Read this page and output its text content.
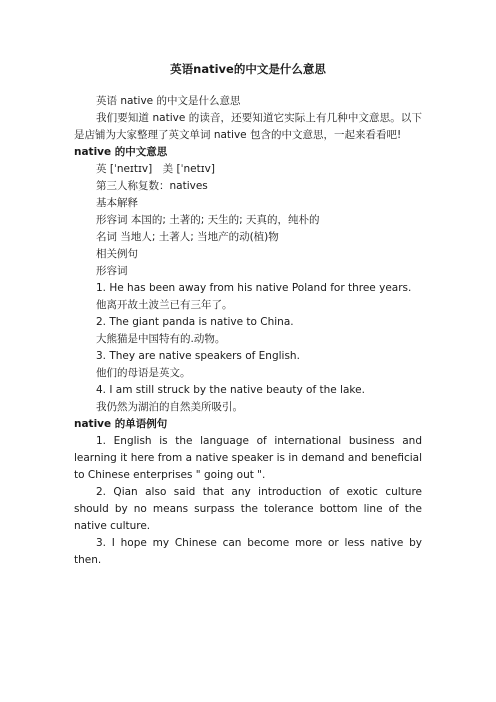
英语native的中文是什么意思

英语 native 的中文是什么意思

我们要知道 native 的读音，还要知道它实际上有几种中文意思。以下是店铺为大家整理了英文单词 native 包含的中文意思，一起来看看吧!

native 的中文意思

英 [ˈneɪtɪv]　美 [ˈnetɪv]

第三人称复数：natives

基本解释

形容词 本国的; 土著的; 天生的; 天真的，纯朴的

名词 当地人; 土著人; 当地产的动(植)物

相关例句

形容词

1. He has been away from his native Poland for three years.

他离开故土波兰已有三年了。

2. The giant panda is native to China.

大熊猫是中国特有的.动物。

3. They are native speakers of English.

他们的母语是英文。

4. I am still struck by the native beauty of the lake.

我仍然为湖泊的自然美所吸引。

native 的单语例句

1. English is the language of international business and learning it here from a native speaker is in demand and beneficial to Chinese enterprises " going out ".

2. Qian also said that any introduction of exotic culture should by no means surpass the tolerance bottom line of the native culture.

3. I hope my Chinese can become more or less native by then.
